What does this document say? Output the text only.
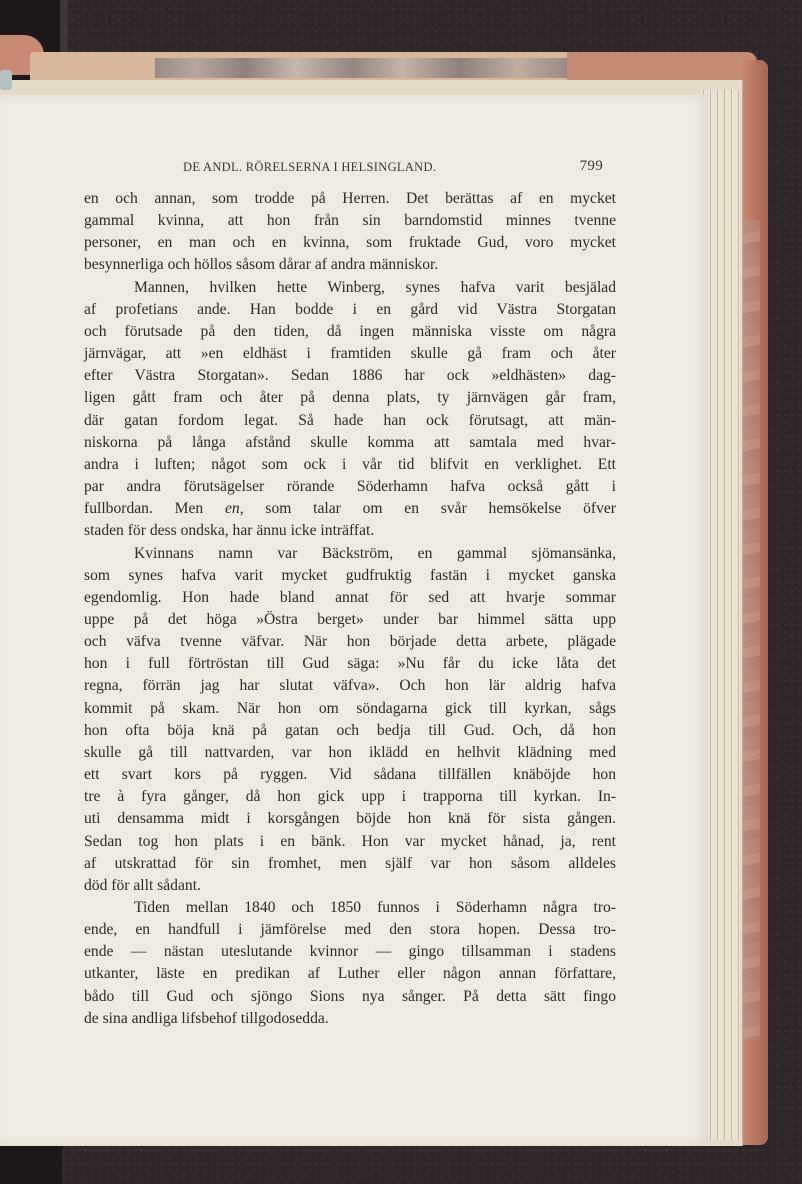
DE ANDL. RÖRELSERNA I HELSINGLAND.	799
en och annan, som trodde på Herren. Det berättas af en mycket
gammal kvinna, att hon från sin barndomstid minnes tvenne
personer, en man och en kvinna, som fruktade Gud, voro mycket
besynnerliga och höllos såsom dårar af andra människor.
Mannen, hvilken hette Winberg, synes hafva varit besjälad
af profetians ande. Han bodde i en gård vid Västra Storgatan
och förutsade på den tiden, då ingen människa visste om några
järnvägar, att »en eldhäst i framtiden skulle gå fram och åter
efter Västra Storgatan». Sedan 1886 har ock »eldhästen» dag-
ligen gått fram och åter på denna plats, ty järnvägen går fram,
där gatan fordom legat. Så hade han ock förutsagt, att män-
niskorna på långa afstånd skulle komma att samtala med hvar-
andra i luften; något som ock i vår tid blifvit en verklighet. Ett
par andra förutsägelser rörande Söderhamn hafva också gått i
fullbordan. Men en, som talar om en svår hemsökelse öfver
staden för dess ondska, har ännu icke inträffat.
Kvinnans namn var Bäckström, en gammal sjömansänka,
som synes hafva varit mycket gudfruktig fastän i mycket ganska
egendomlig. Hon hade bland annat för sed att hvarje sommar
uppe på det höga »Östra berget» under bar himmel sätta upp
och väfva tvenne väfvar. När hon började detta arbete, plägade
hon i full förtröstan till Gud säga: »Nu får du icke låta det
regna, förrän jag har slutat väfva». Och hon lär aldrig hafva
kommit på skam. När hon om söndagarna gick till kyrkan, sågs
hon ofta böja knä på gatan och bedja till Gud. Och, då hon
skulle gå till nattvarden, var hon iklädd en helhvit klädning med
ett svart kors på ryggen. Vid sådana tillfällen knäböjde hon
tre à fyra gånger, då hon gick upp i trapporna till kyrkan. In-
uti densamma midt i korsgången böjde hon knä för sista gången.
Sedan tog hon plats i en bänk. Hon var mycket hånad, ja, rent
af utskrattad för sin fromhet, men själf var hon såsom alldeles
död för allt sådant.
Tiden mellan 1840 och 1850 funnos i Söderhamn några tro-
ende, en handfull i jämförelse med den stora hopen. Dessa tro-
ende — nästan uteslutande kvinnor — gingo tillsamman i stadens
utkanter, läste en predikan af Luther eller någon annan författare,
bådo till Gud och sjöngo Sions nya sånger. På detta sätt fingo
de sina andliga lifsbehof tillgodosedda.
